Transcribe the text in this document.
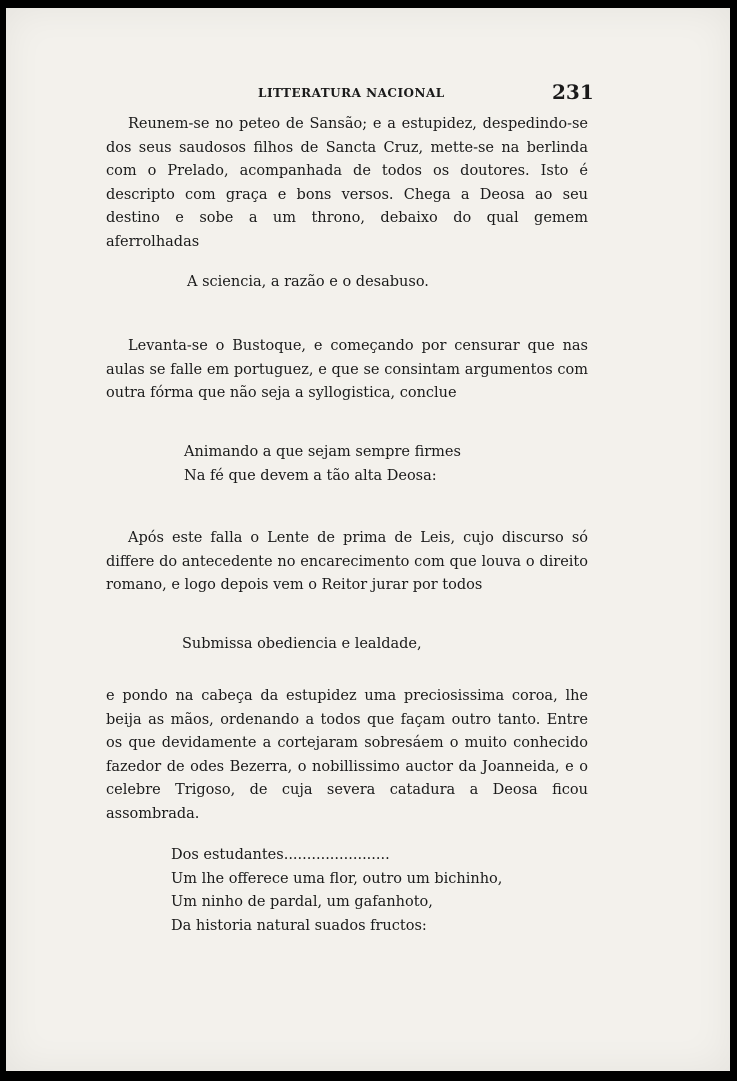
LITTERATURA NACIONAL	231

Reunem-se no peteo de Sansão; e a estupidez, despedindo-se dos seus saudosos filhos de Sancta Cruz, mette-se na berlinda com o Prelado, acompanhada de todos os doutores. Isto é descripto com graça e bons versos. Chega a Deosa ao seu destino e sobe a um throno, debaixo do qual gemem aferrolhadas

A sciencia, a razão e o desabuso.

Levanta-se o Bustoque, e começando por censurar que nas aulas se falle em portuguez, e que se consintam argumentos com outra fórma que não seja a syllogistica, conclue

Animando a que sejam sempre firmes
Na fé que devem a tão alta Deosa:

Após este falla o Lente de prima de Leis, cujo discurso só differe do antecedente no encarecimento com que louva o direito romano, e logo depois vem o Reitor jurar por todos

Submissa obediencia e lealdade,

e pondo na cabeça da estupidez uma preciosissima coroa, lhe beija as mãos, ordenando a todos que façam outro tanto. Entre os que devidamente a cortejaram sobresáem o muito conhecido fazedor de odes Bezerra, o nobillissimo auctor da Joanneida, e o celebre Trigoso, de cuja severa catadura a Deosa ficou assombrada.

Dos estudantes.......................
Um lhe offerece uma flor, outro um bichinho,
Um ninho de pardal, um gafanhoto,
Da historia natural suados fructos:
